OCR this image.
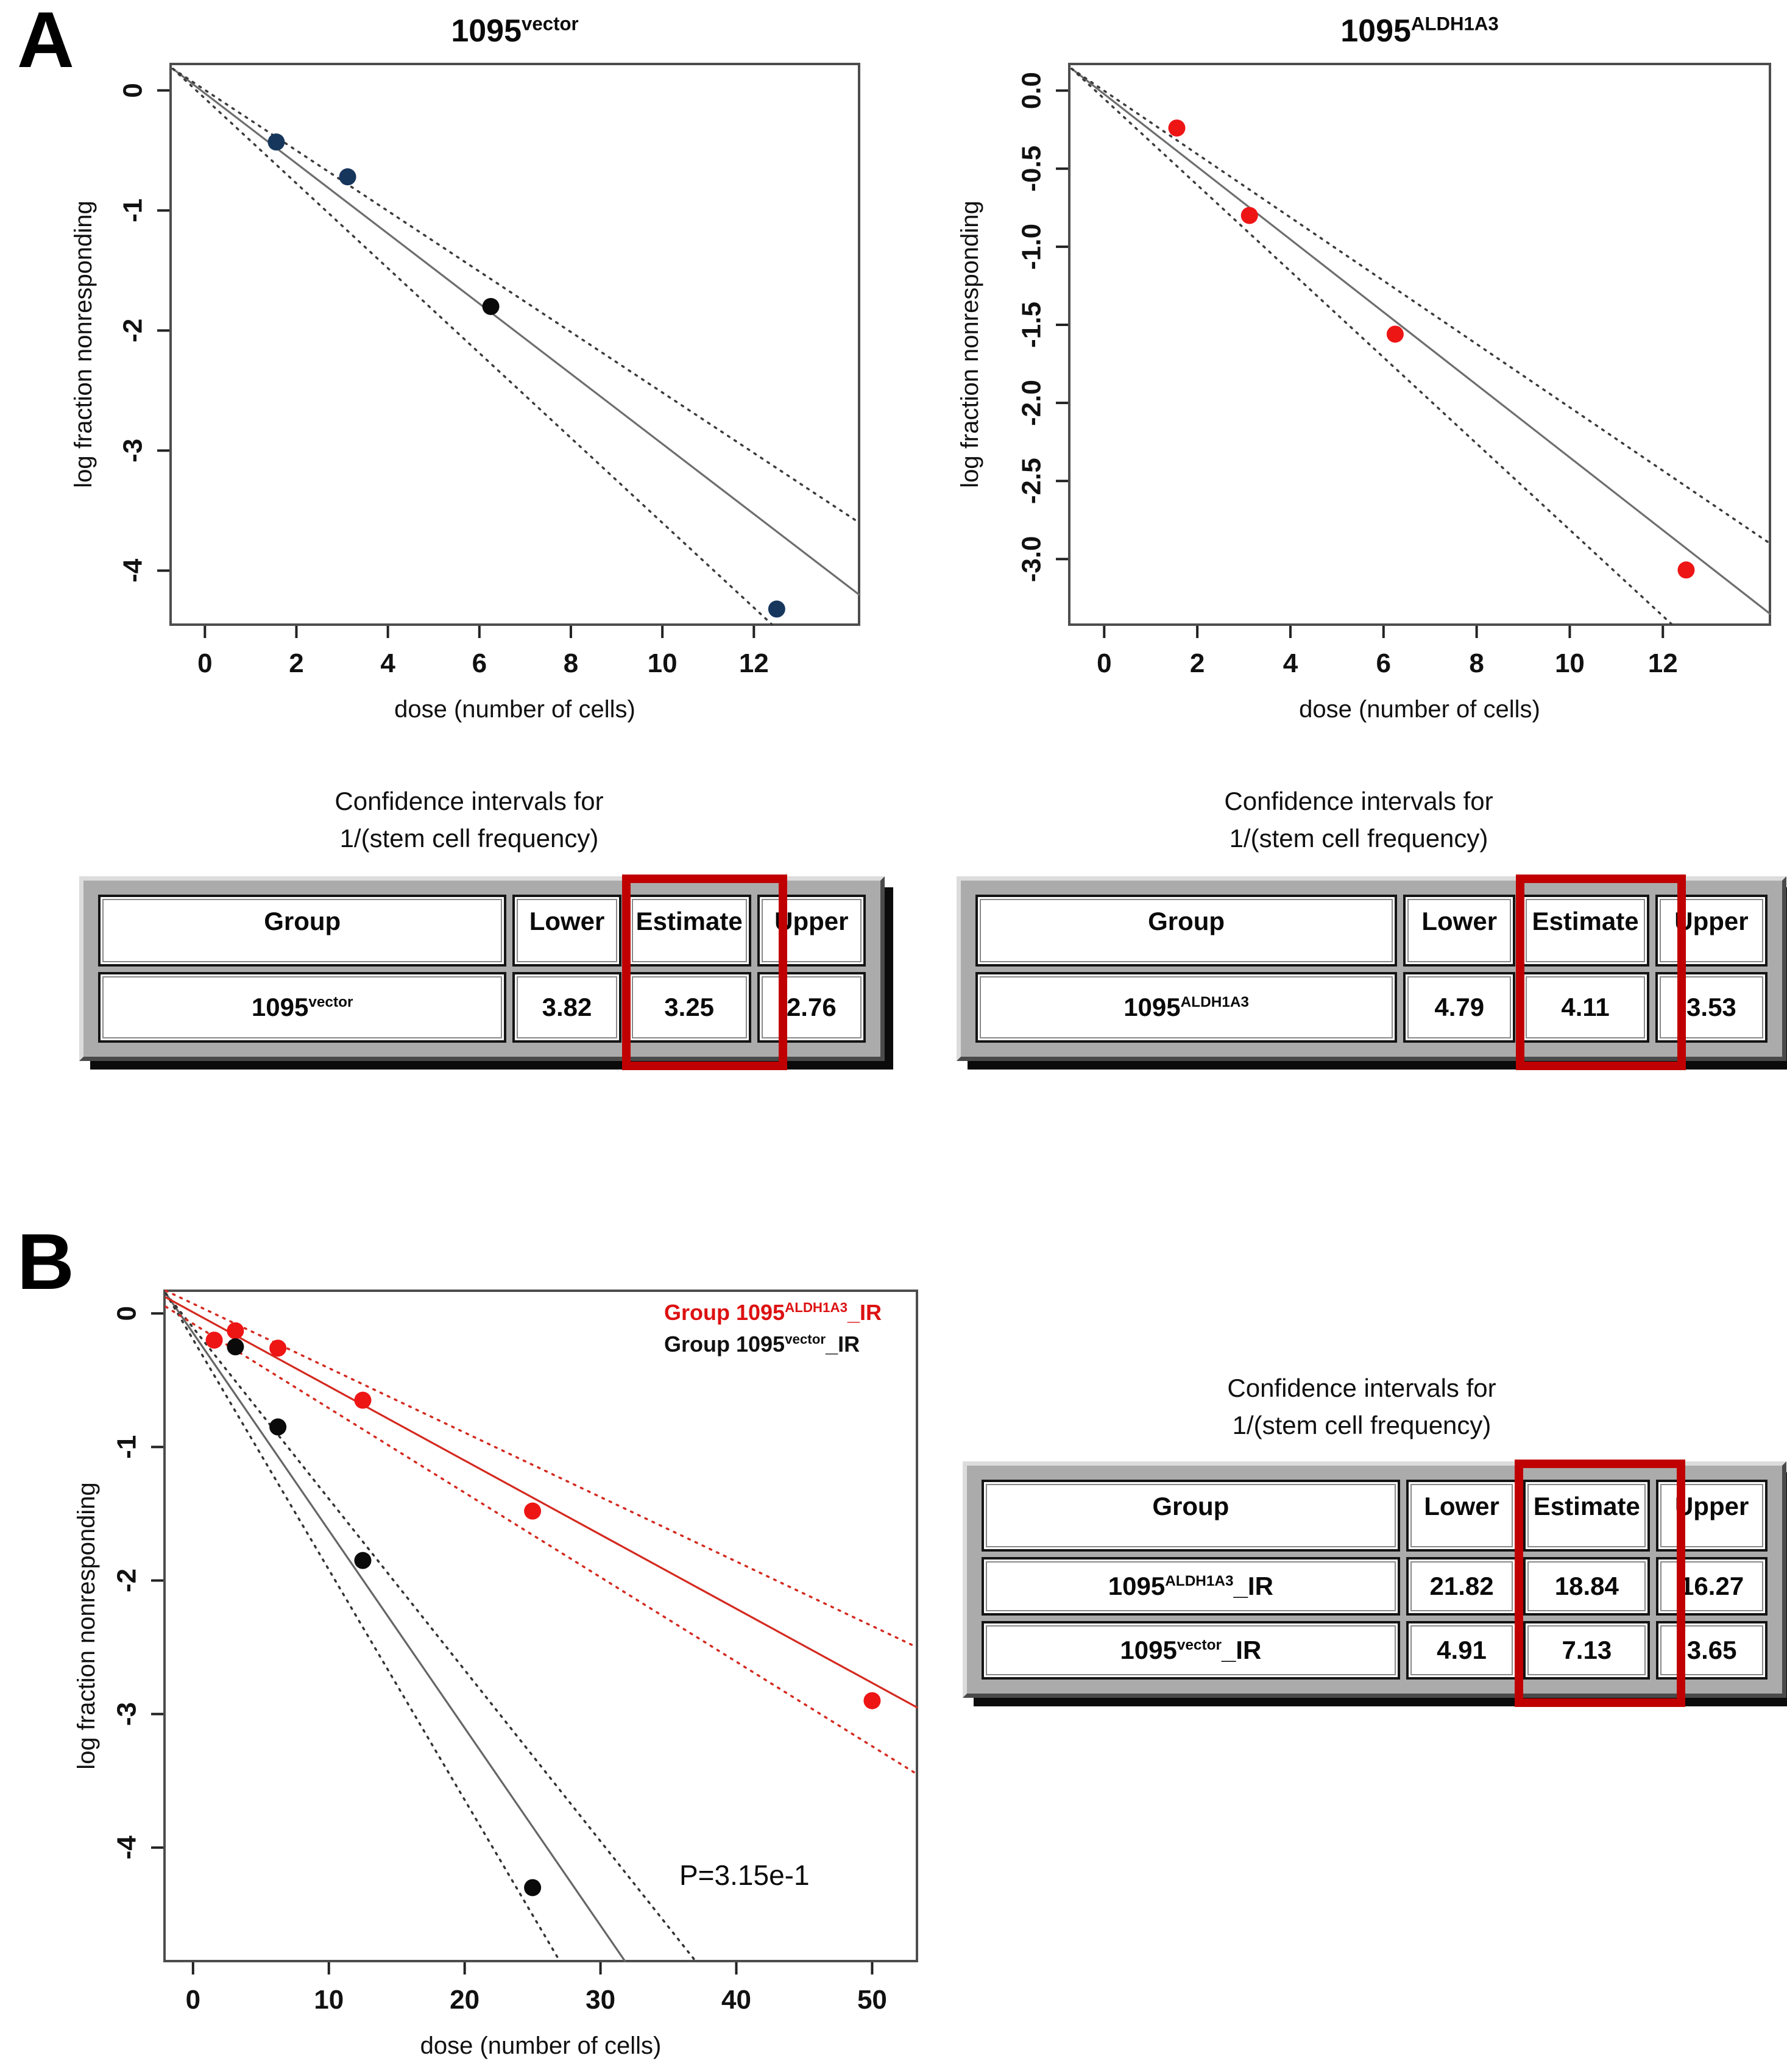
A	$1095^{vector}$
0	2	4	6	8	10 12
0
-1
-2
-3
-4
dose (number of cells)
log fraction nonresponding
$1095^{ALDH1A3}$
0	2	4	6	8	10 12
0.0
-0.5
-1.0
-1.5
-2.0
-2.5
-3.0
dose (number of cells)
log fraction nonresponding
Confidence intervals for
1/(stem cell frequency)
Group	Lower	Estimate	Upper
$1095^{vector}$	3.82	3.25	2.76
Confidence intervals for
1/(stem cell frequency)
Group	Lower	Estimate	Upper
$1095^{ALDH1A3}$	4.79	4.11	3.53
B
0	10	20	30	40	50
0
-1
-2
-3
-4
dose (number of cells)
log fraction nonresponding
Group $1095^{ALDH1A3}\_IR$
Group $1095^{vector}\_IR$
P=3.15e-1
Confidence intervals for
1/(stem cell frequency)
Group	Lower	Estimate	Upper
$1095^{ALDH1A3}\_IR$	21.82	18.84	16.27
$1095^{vector}\_IR$	4.91	7.13	3.65
